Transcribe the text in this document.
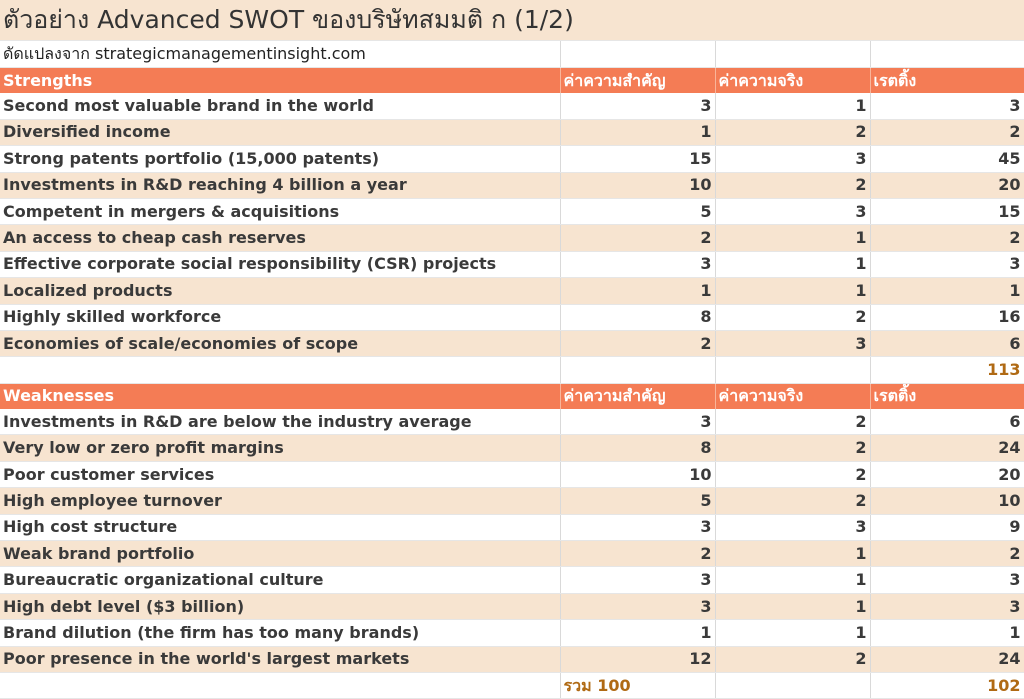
ตัวอย่าง Advanced SWOT ของบริษัทสมมติ ก (1/2)			
ดัดแปลงจาก strategicmanagementinsight.com			
Strengths	ค่าความสำคัญ	ค่าความจริง	เรตติ้ง
Second most valuable brand in the world	3	1	3
Diversified income	1	2	2
Strong patents portfolio (15,000 patents)	15	3	45
Investments in R&D reaching 4 billion a year	10	2	20
Competent in mergers & acquisitions	5	3	15
An access to cheap cash reserves	2	1	2
Effective corporate social responsibility (CSR) projects	3	1	3
Localized products	1	1	1
Highly skilled workforce	8	2	16
Economies of scale/economies of scope	2	3	6
			113
Weaknesses	ค่าความสำคัญ	ค่าความจริง	เรตติ้ง
Investments in R&D are below the industry average	3	2	6
Very low or zero profit margins	8	2	24
Poor customer services	10	2	20
High employee turnover	5	2	10
High cost structure	3	3	9
Weak brand portfolio	2	1	2
Bureaucratic organizational culture	3	1	3
High debt level ($3 billion)	3	1	3
Brand dilution (the firm has too many brands)	1	1	1
Poor presence in the world's largest markets	12	2	24
	รวม 100		102
